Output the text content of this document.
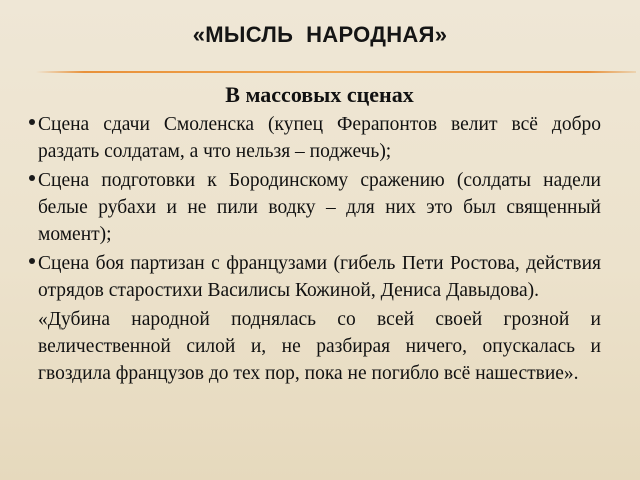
«МЫСЛЬ  НАРОДНАЯ»
В массовых сценах
Сцена сдачи Смоленска (купец Ферапонтов велит всё добро раздать солдатам, а что нельзя – поджечь);
Сцена подготовки к Бородинскому сражению (солдаты надели белые рубахи и не пили водку – для них это был священный момент);
Сцена боя партизан с французами (гибель Пети Ростова, действия отрядов старостихи Василисы Кожиной, Дениса Давыдова).

«Дубина народной поднялась со всей своей грозной и величественной силой и, не разбирая ничего, опускалась и гвоздила французов до тех пор, пока не погибло всё нашествие».
